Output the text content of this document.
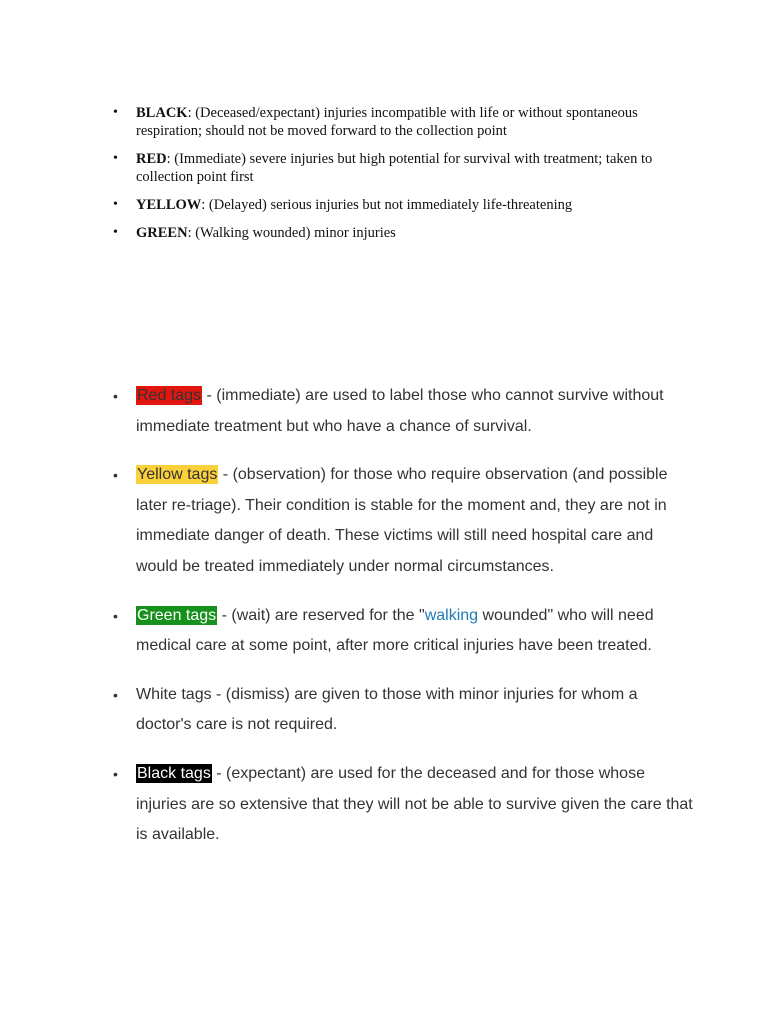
• BLACK: (Deceased/expectant) injuries incompatible with life or without spontaneous respiration; should not be moved forward to the collection point
• RED: (Immediate) severe injuries but high potential for survival with treatment; taken to collection point first
• YELLOW: (Delayed) serious injuries but not immediately life-threatening
• GREEN: (Walking wounded) minor injuries
• Red tags - (immediate) are used to label those who cannot survive without immediate treatment but who have a chance of survival.
• Yellow tags - (observation) for those who require observation (and possible later re-triage). Their condition is stable for the moment and, they are not in immediate danger of death. These victims will still need hospital care and would be treated immediately under normal circumstances.
• Green tags - (wait) are reserved for the "walking wounded" who will need medical care at some point, after more critical injuries have been treated.
• White tags - (dismiss) are given to those with minor injuries for whom a doctor's care is not required.
• Black tags - (expectant) are used for the deceased and for those whose injuries are so extensive that they will not be able to survive given the care that is available.
